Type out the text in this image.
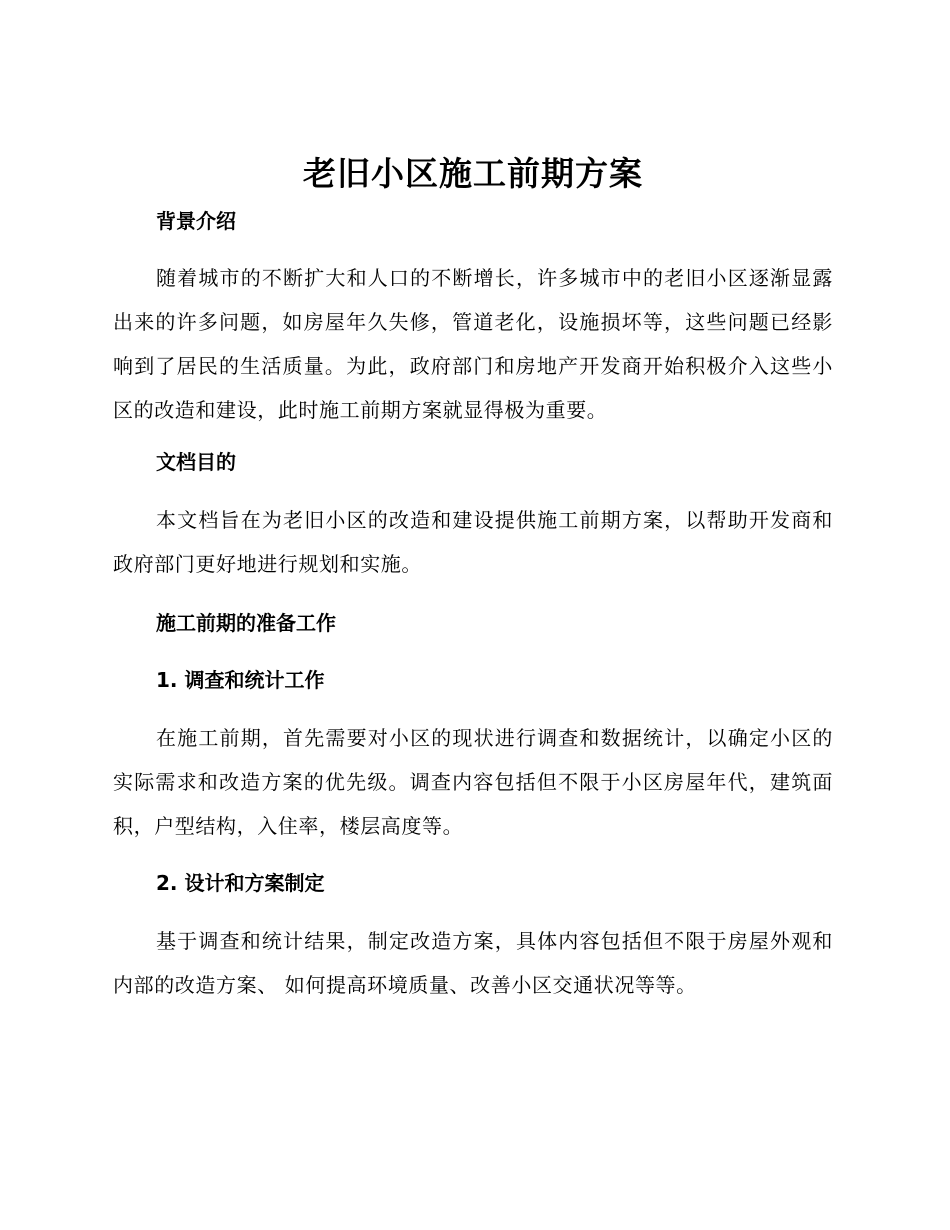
老旧小区施工前期方案
背景介绍

随着城市的不断扩大和人口的不断增长，许多城市中的老旧小区逐渐显露出来的许多问题，如房屋年久失修，管道老化，设施损坏等，这些问题已经影响到了居民的生活质量。为此，政府部门和房地产开发商开始积极介入这些小区的改造和建设，此时施工前期方案就显得极为重要。

文档目的

本文档旨在为老旧小区的改造和建设提供施工前期方案，以帮助开发商和政府部门更好地进行规划和实施。

施工前期的准备工作
1. 调查和统计工作

在施工前期，首先需要对小区的现状进行调查和数据统计，以确定小区的实际需求和改造方案的优先级。调查内容包括但不限于小区房屋年代，建筑面积，户型结构，入住率，楼层高度等。

2. 设计和方案制定

基于调查和统计结果，制定改造方案，具体内容包括但不限于房屋外观和内部的改造方案、 如何提高环境质量、改善小区交通状况等等。
